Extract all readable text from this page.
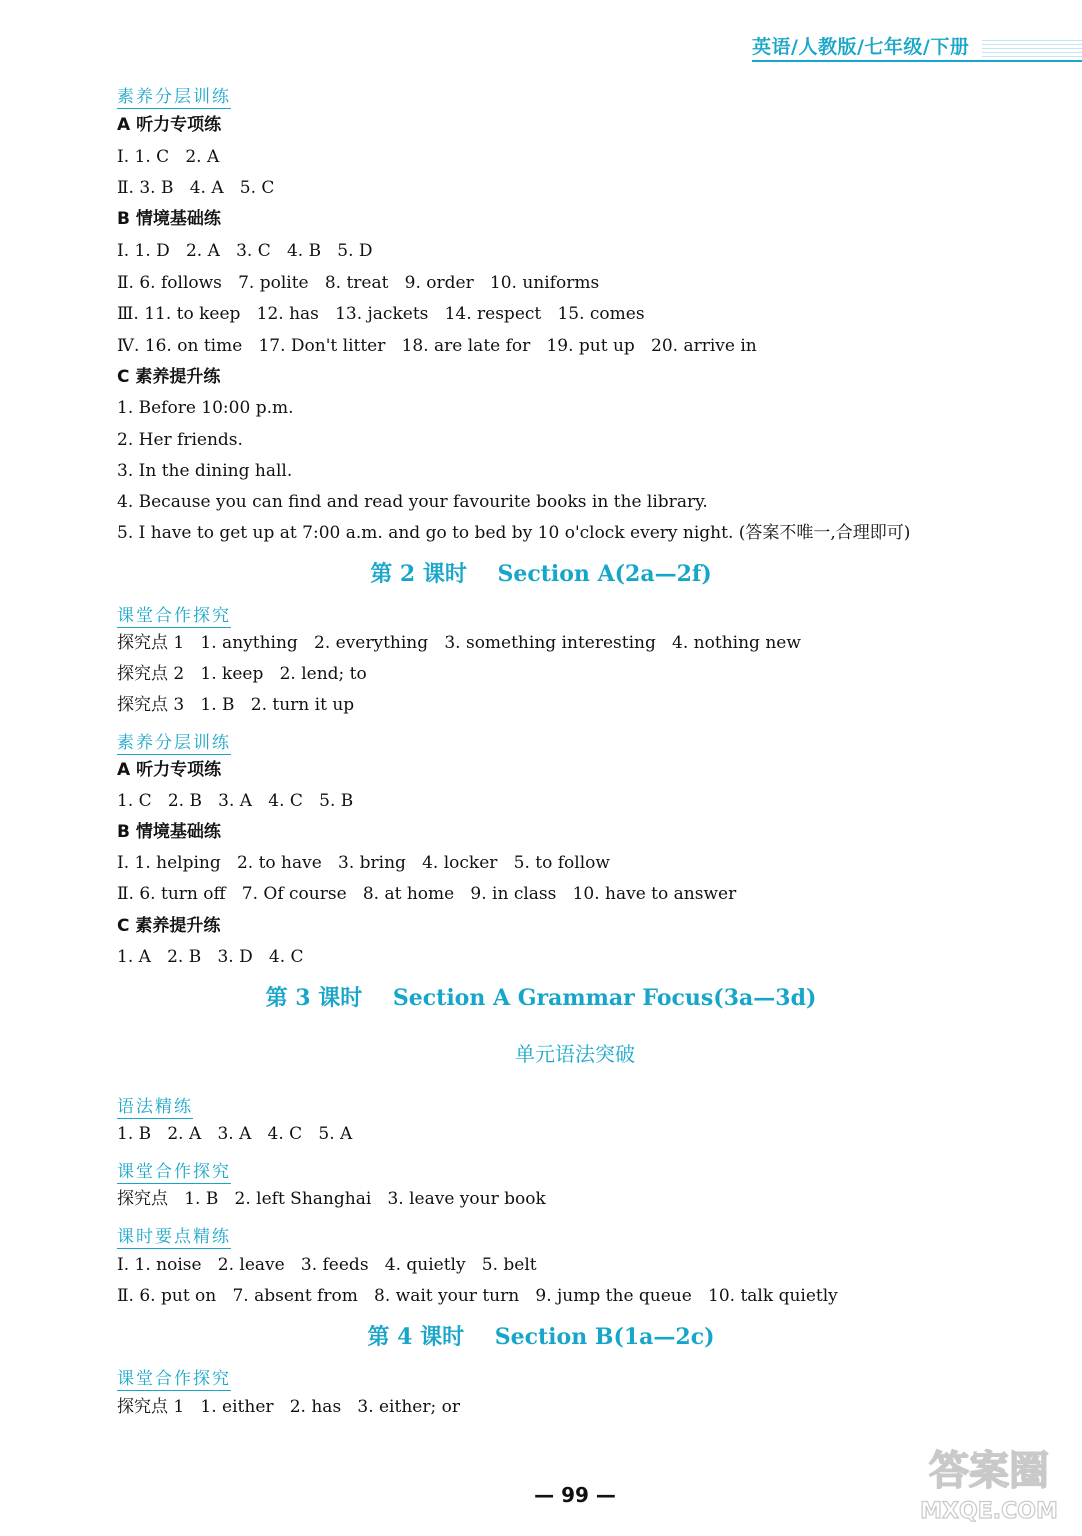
英语/人教版/七年级/下册
素养分层训练
A 听力专项练
Ⅰ. 1. C   2. A
Ⅱ. 3. B   4. A   5. C
B 情境基础练
Ⅰ. 1. D   2. A   3. C   4. B   5. D
Ⅱ. 6. follows   7. polite   8. treat   9. order   10. uniforms
Ⅲ. 11. to keep   12. has   13. jackets   14. respect   15. comes
Ⅳ. 16. on time   17. Don't litter   18. are late for   19. put up   20. arrive in
C 素养提升练
1. Before 10:00 p.m.
2. Her friends.
3. In the dining hall.
4. Because you can find and read your favourite books in the library.
5. I have to get up at 7:00 a.m. and go to bed by 10 o'clock every night. (答案不唯一,合理即可)
第 2 课时    Section A(2a—2f)
课堂合作探究
探究点 1   1. anything   2. everything   3. something interesting   4. nothing new
探究点 2   1. keep   2. lend; to
探究点 3   1. B   2. turn it up
素养分层训练
A 听力专项练
1. C   2. B   3. A   4. C   5. B
B 情境基础练
Ⅰ. 1. helping   2. to have   3. bring   4. locker   5. to follow
Ⅱ. 6. turn off   7. Of course   8. at home   9. in class   10. have to answer
C 素养提升练
1. A   2. B   3. D   4. C
第 3 课时    Section A Grammar Focus(3a—3d)
单元语法突破
语法精练
1. B   2. A   3. A   4. C   5. A
课堂合作探究
探究点   1. B   2. left Shanghai   3. leave your book
课时要点精练
Ⅰ. 1. noise   2. leave   3. feeds   4. quietly   5. belt
Ⅱ. 6. put on   7. absent from   8. wait your turn   9. jump the queue   10. talk quietly
第 4 课时    Section B(1a—2c)
课堂合作探究
探究点 1   1. either   2. has   3. either; or
— 99 —
答案圈
MXQE.COM
